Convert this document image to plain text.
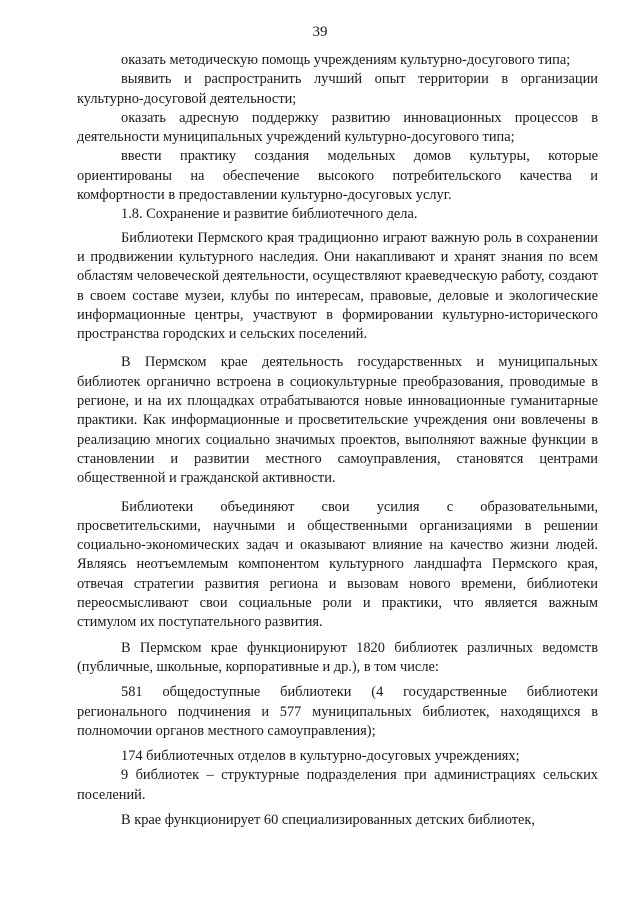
39

оказать методическую помощь учреждениям культурно-досугового типа;

выявить и распространить лучший опыт территории в организации культурно-досуговой деятельности;

оказать адресную поддержку развитию инновационных процессов в деятельности муниципальных учреждений культурно-досугового типа;

ввести практику создания модельных домов культуры, которые ориентированы на обеспечение высокого потребительского качества и комфортности в предоставлении культурно-досуговых услуг.

1.8. Сохранение и развитие библиотечного дела.

Библиотеки Пермского края традиционно играют важную роль в сохранении и продвижении культурного наследия. Они накапливают и хранят знания по всем областям человеческой деятельности, осуществляют краеведческую работу, создают в своем составе музеи, клубы по интересам, правовые, деловые и экологические информационные центры, участвуют в формировании культурно-исторического пространства городских и сельских поселений.

В Пермском крае деятельность государственных и муниципальных библиотек органично встроена в социокультурные преобразования, проводимые в регионе, и на их площадках отрабатываются новые инновационные гуманитарные практики. Как информационные и просветительские учреждения они вовлечены в реализацию многих социально значимых проектов, выполняют важные функции в становлении и развитии местного самоуправления, становятся центрами общественной и гражданской активности.

Библиотеки объединяют свои усилия с образовательными, просветительскими, научными и общественными организациями в решении социально-экономических задач и оказывают влияние на качество жизни людей. Являясь неотъемлемым компонентом культурного ландшафта Пермского края, отвечая стратегии развития региона и вызовам нового времени, библиотеки переосмысливают свои социальные роли и практики, что является важным стимулом их поступательного развития.

В Пермском крае функционируют 1820 библиотек различных ведомств (публичные, школьные, корпоративные и др.), в том числе:

581 общедоступные библиотеки (4 государственные библиотеки регионального подчинения и 577 муниципальных библиотек, находящихся в полномочии органов местного самоуправления);

174 библиотечных отделов в культурно-досуговых учреждениях;

9 библиотек – структурные подразделения при администрациях сельских поселений.

В крае функционирует 60 специализированных детских библиотек,
